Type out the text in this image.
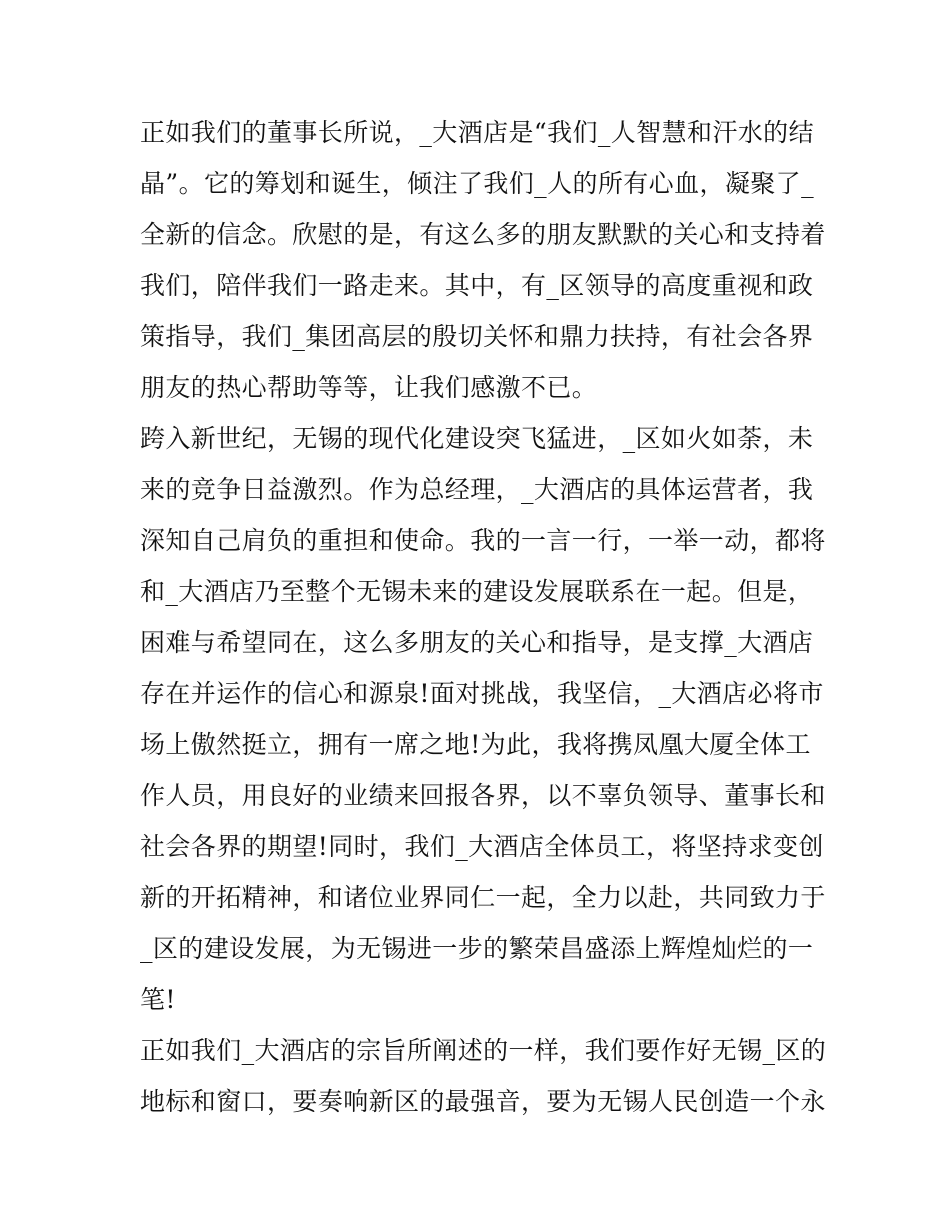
正如我们的董事长所说，_大酒店是“我们_人智慧和汗水的结
晶”。它的筹划和诞生，倾注了我们_人的所有心血，凝聚了_
全新的信念。欣慰的是，有这么多的朋友默默的关心和支持着
我们，陪伴我们一路走来。其中，有_区领导的高度重视和政
策指导，我们_集团高层的殷切关怀和鼎力扶持，有社会各界
朋友的热心帮助等等，让我们感激不已。
跨入新世纪，无锡的现代化建设突飞猛进，_区如火如荼，未
来的竞争日益激烈。作为总经理，_大酒店的具体运营者，我
深知自己肩负的重担和使命。我的一言一行，一举一动，都将
和_大酒店乃至整个无锡未来的建设发展联系在一起。但是，
困难与希望同在，这么多朋友的关心和指导，是支撑_大酒店
存在并运作的信心和源泉!面对挑战，我坚信，_大酒店必将市
场上傲然挺立，拥有一席之地!为此，我将携凤凰大厦全体工
作人员，用良好的业绩来回报各界，以不辜负领导、董事长和
社会各界的期望!同时，我们_大酒店全体员工，将坚持求变创
新的开拓精神，和诸位业界同仁一起，全力以赴，共同致力于
_区的建设发展，为无锡进一步的繁荣昌盛添上辉煌灿烂的一
笔!
正如我们_大酒店的宗旨所阐述的一样，我们要作好无锡_区的
地标和窗口，要奏响新区的最强音，要为无锡人民创造一个永
